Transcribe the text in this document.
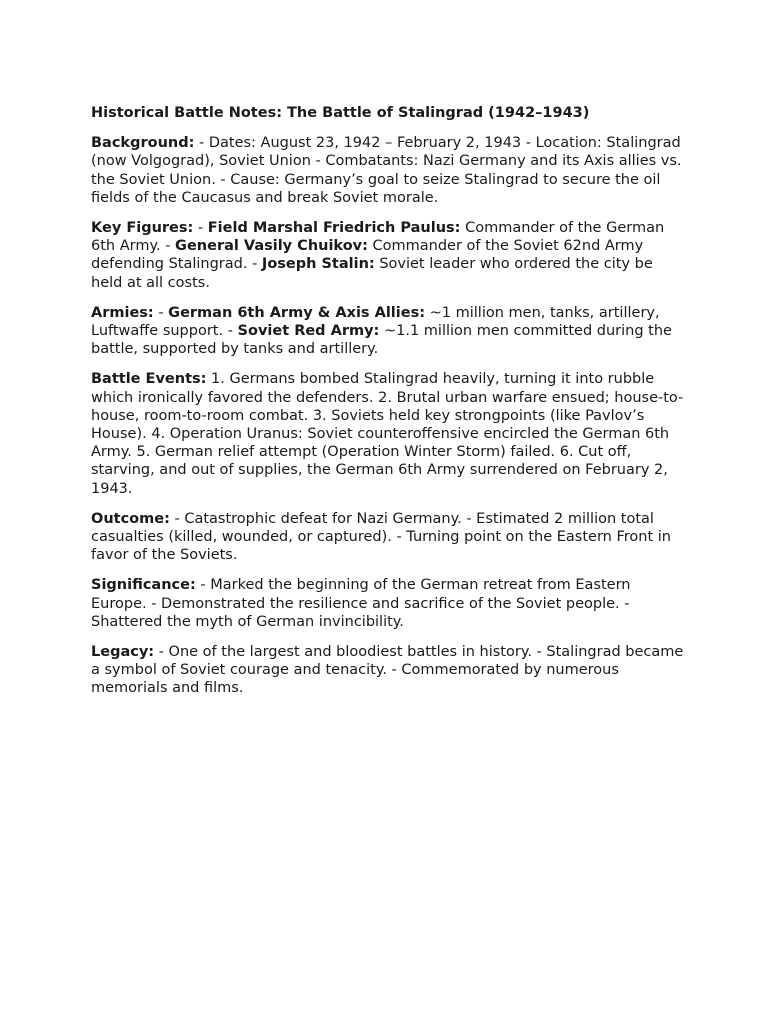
Historical Battle Notes: The Battle of Stalingrad (1942–1943)

Background: - Dates: August 23, 1942 – February 2, 1943 - Location: Stalingrad (now Volgograd), Soviet Union - Combatants: Nazi Germany and its Axis allies vs. the Soviet Union. - Cause: Germany’s goal to seize Stalingrad to secure the oil fields of the Caucasus and break Soviet morale.

Key Figures: - Field Marshal Friedrich Paulus: Commander of the German 6th Army. - General Vasily Chuikov: Commander of the Soviet 62nd Army defending Stalingrad. - Joseph Stalin: Soviet leader who ordered the city be held at all costs.

Armies: - German 6th Army & Axis Allies: ~1 million men, tanks, artillery, Luftwaffe support. - Soviet Red Army: ~1.1 million men committed during the battle, supported by tanks and artillery.

Battle Events: 1. Germans bombed Stalingrad heavily, turning it into rubble which ironically favored the defenders. 2. Brutal urban warfare ensued; house-to-house, room-to-room combat. 3. Soviets held key strongpoints (like Pavlov’s House). 4. Operation Uranus: Soviet counteroffensive encircled the German 6th Army. 5. German relief attempt (Operation Winter Storm) failed. 6. Cut off, starving, and out of supplies, the German 6th Army surrendered on February 2, 1943.

Outcome: - Catastrophic defeat for Nazi Germany. - Estimated 2 million total casualties (killed, wounded, or captured). - Turning point on the Eastern Front in favor of the Soviets.

Significance: - Marked the beginning of the German retreat from Eastern Europe. - Demonstrated the resilience and sacrifice of the Soviet people. - Shattered the myth of German invincibility.

Legacy: - One of the largest and bloodiest battles in history. - Stalingrad became a symbol of Soviet courage and tenacity. - Commemorated by numerous memorials and films.
